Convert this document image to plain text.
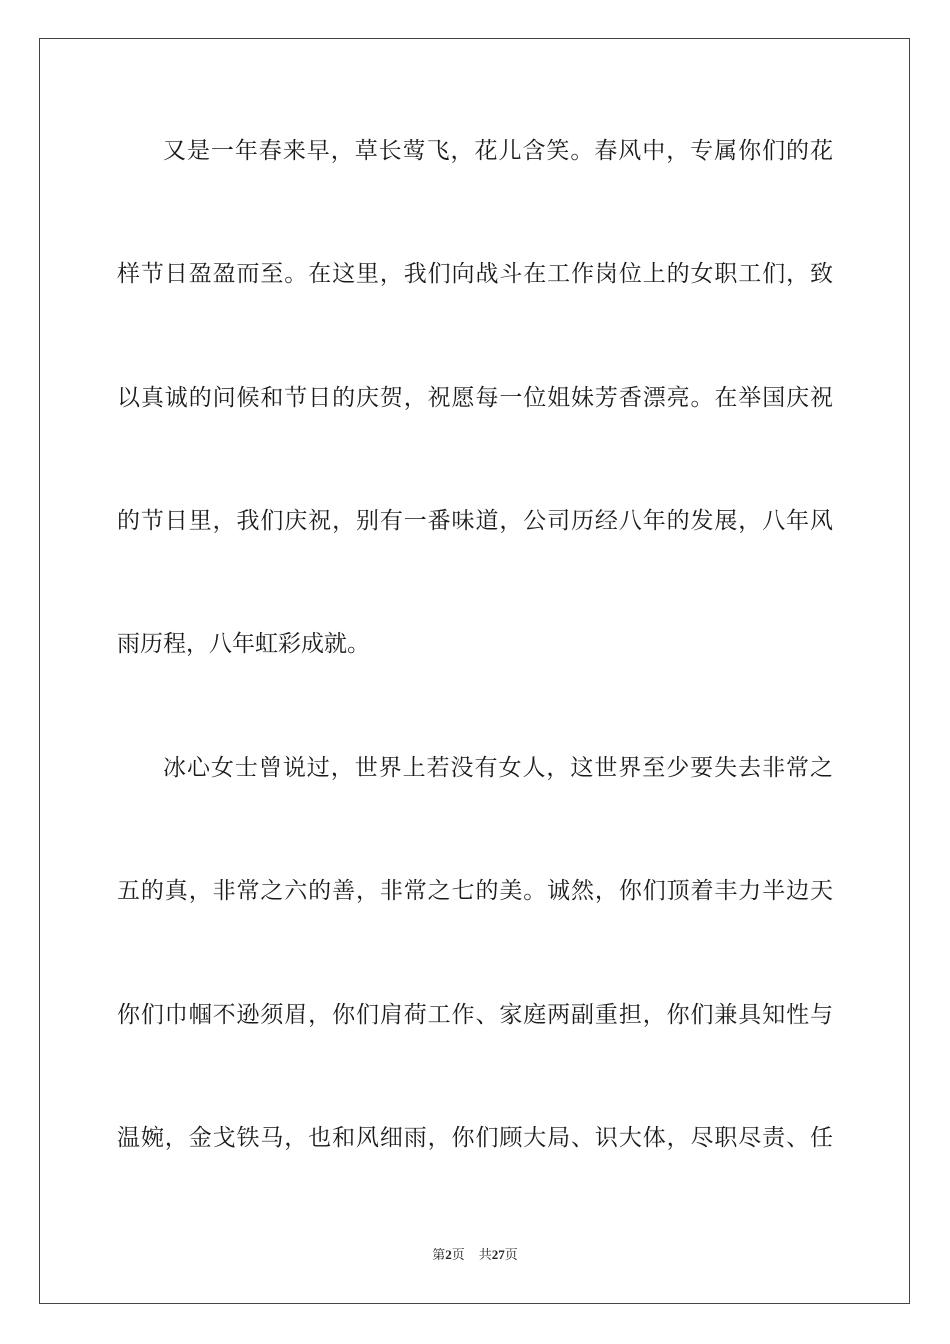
又是一年春来早，草长莺飞，花儿含笑。春风中，专属你们的花
样节日盈盈而至。在这里，我们向战斗在工作岗位上的女职工们，致
以真诚的问候和节日的庆贺，祝愿每一位姐妹芳香漂亮。在举国庆祝
的节日里，我们庆祝，别有一番味道，公司历经八年的发展，八年风
雨历程，八年虹彩成就。
冰心女士曾说过，世界上若没有女人，这世界至少要失去非常之
五的真，非常之六的善，非常之七的美。诚然，你们顶着丰力半边天
你们巾帼不逊须眉，你们肩荷工作、家庭两副重担，你们兼具知性与
温婉，金戈铁马，也和风细雨，你们顾大局、识大体，尽职尽责、任
第2页 共27页
